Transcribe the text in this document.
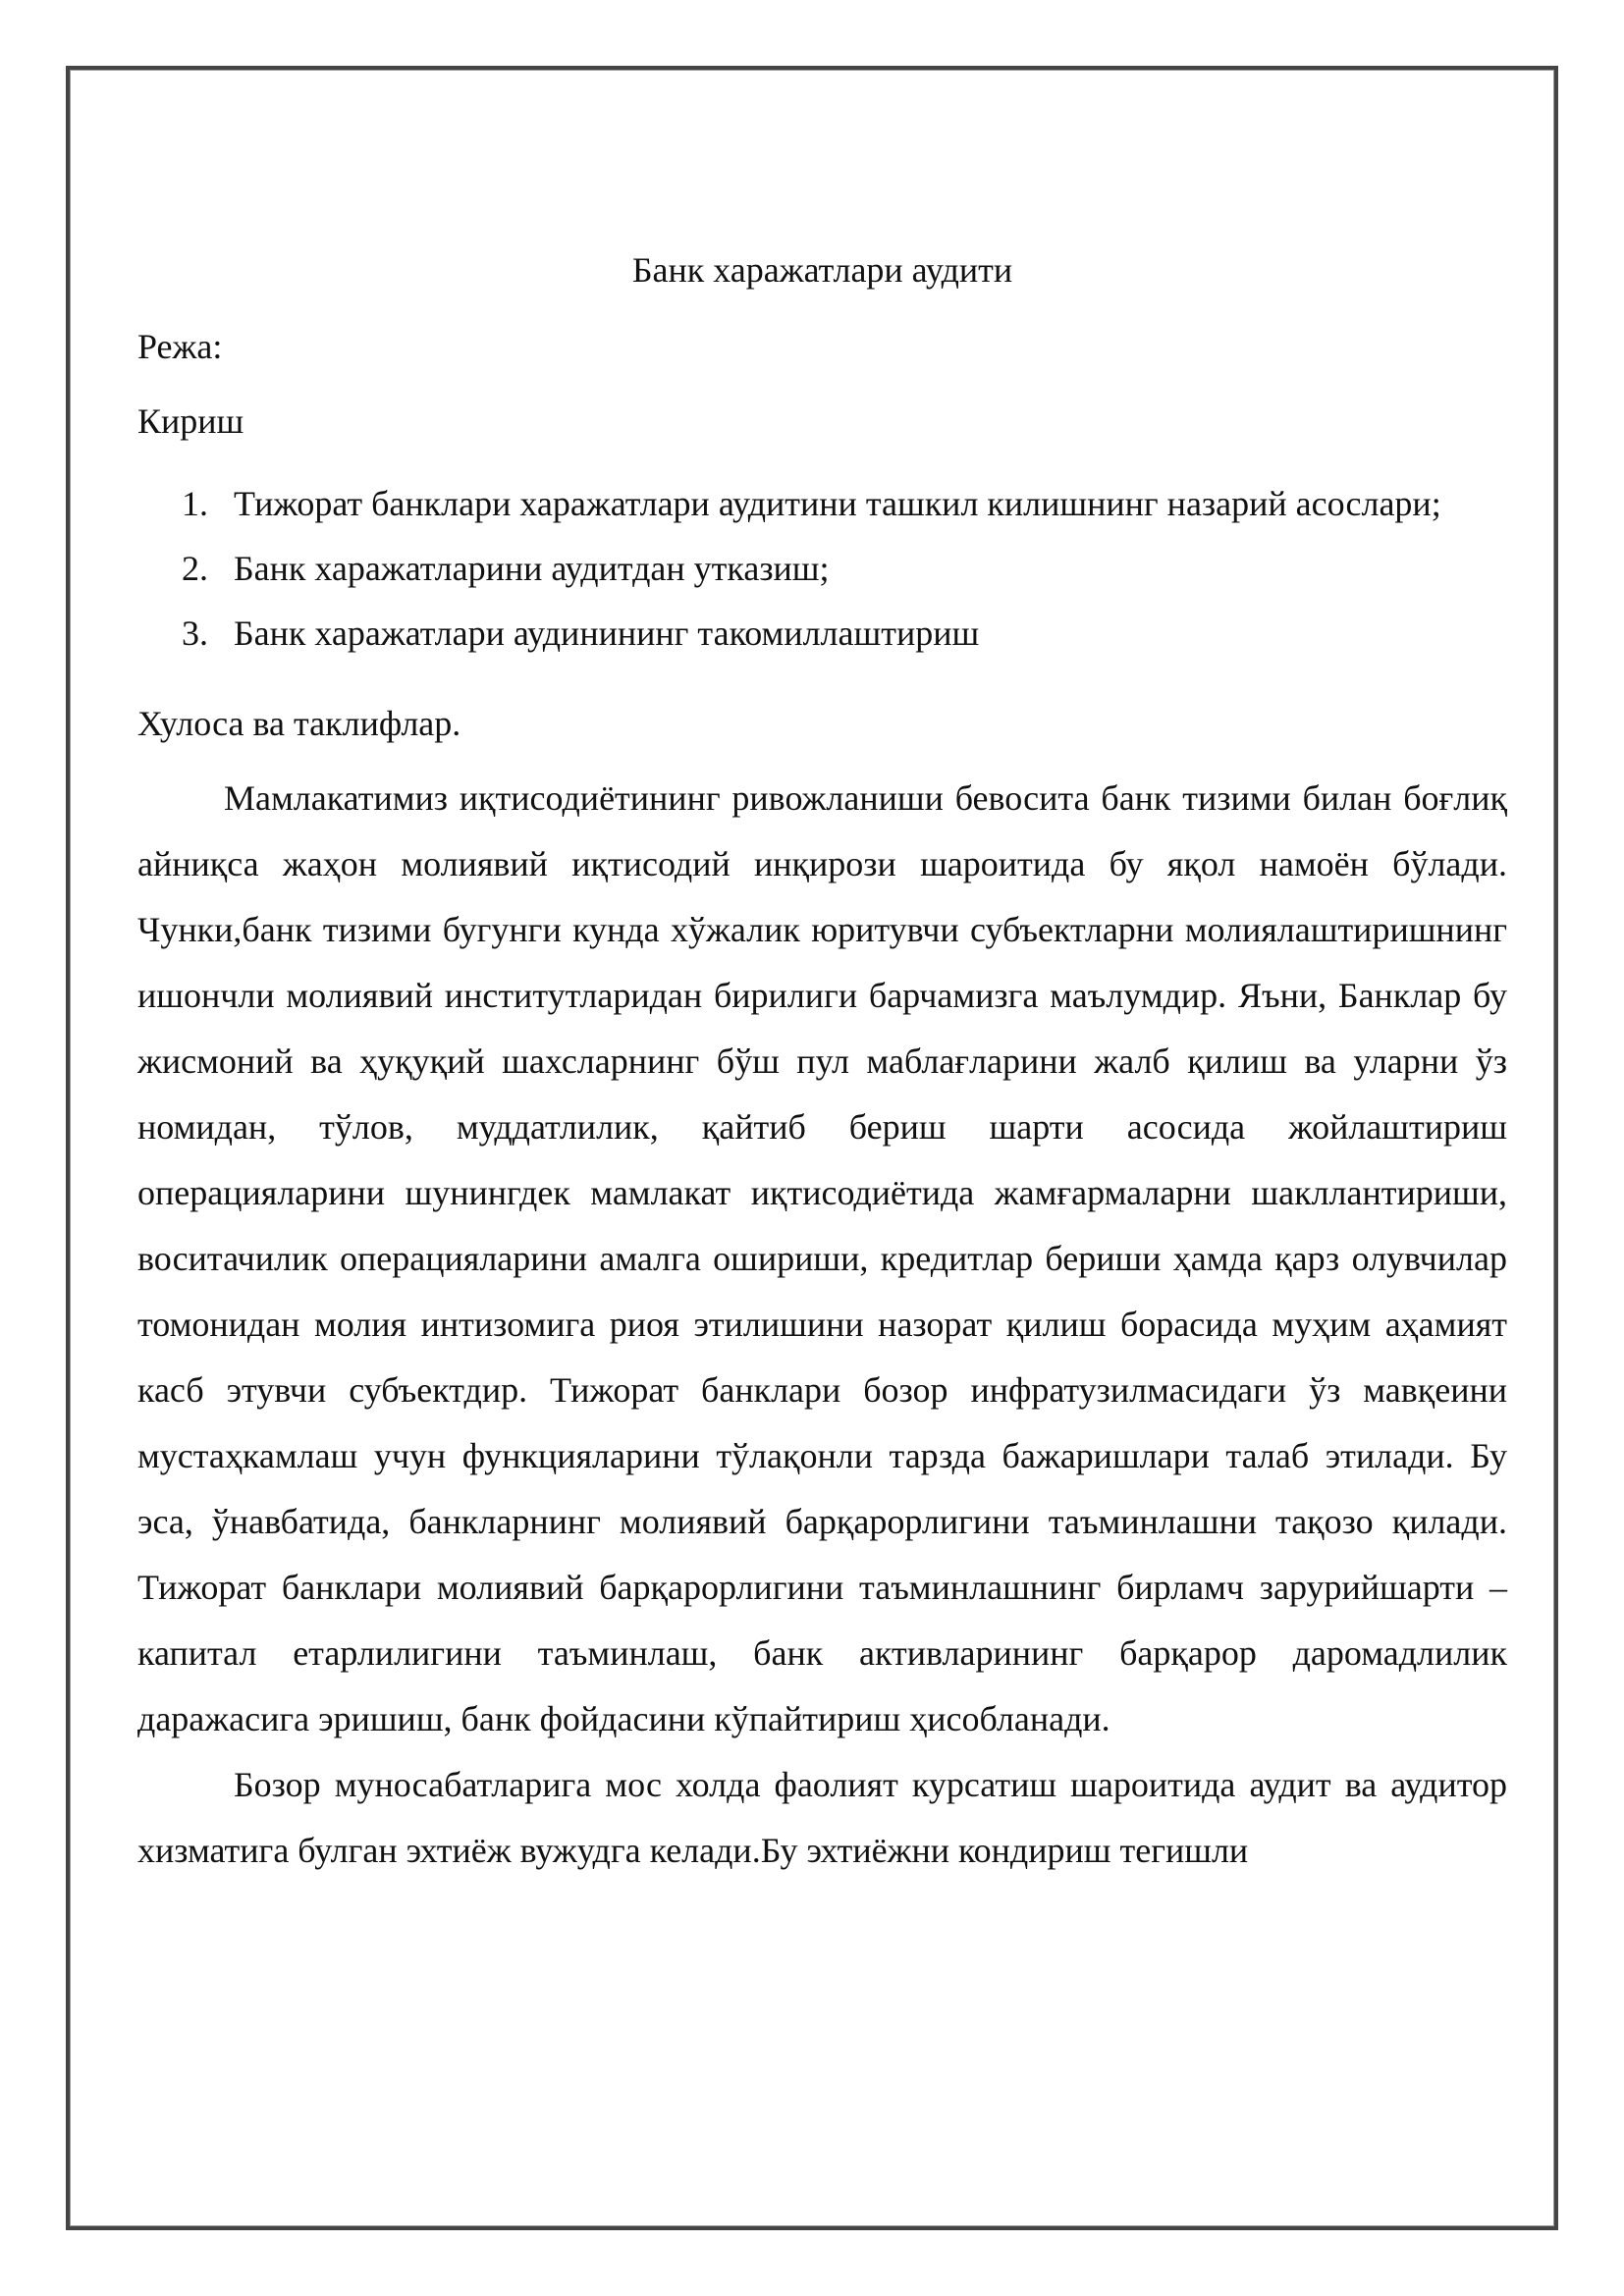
Банк харажатлари аудити

Режа:

Кириш

1. Тижорат банклари харажатлари аудитини ташкил килишнинг назарий асослари;
2. Банк харажатларини аудитдан утказиш;
3. Банк харажатлари аудинининг такомиллаштириш

Хулоса ва таклифлар.

Мамлакатимиз иқтисодиётининг ривожланиши бевосита банк тизими билан боғлиқ айниқса жаҳон молиявий иқтисодий инқирози шароитида бу яқол намоён бўлади. Чунки,банк тизими бугунги кунда хўжалик юритувчи субъектларни молиялаштиришнинг ишончли молиявий институтларидан бирилиги барчамизга маълумдир. Яъни, Банклар бу жисмоний ва ҳуқуқий шахсларнинг бўш пул маблағларини жалб қилиш ва уларни ўз номидан, тўлов, муддатлилик, қайтиб бериш шарти асосида жойлаштириш операцияларини шунингдек мамлакат иқтисодиётида жамғармаларни шакллантириши, воситачилик операцияларини амалга ошириши, кредитлар бериши ҳамда қарз олувчилар томонидан молия интизомига риоя этилишини назорат қилиш борасида муҳим аҳамият касб этувчи субъектдир. Тижорат банклари бозор инфратузилмасидаги ўз мавқеини мустаҳкамлаш учун функцияларини тўлақонли тарзда бажаришлари талаб этилади. Бу эса, ўнавбатида, банкларнинг молиявий барқарорлигини таъминлашни тақозо қилади. Тижорат банклари молиявий барқарорлигини таъминлашнинг бирламч зарурийшарти – капитал етарлилигини таъминлаш, банк активларининг барқарор даромадлилик даражасига эришиш, банк фойдасини кўпайтириш ҳисобланади.

Бозор муносабатларига мос холда фаолият курсатиш шароитида аудит ва аудитор хизматига булган эхтиёж вужудга келади.Бу эхтиёжни кондириш тегишли
